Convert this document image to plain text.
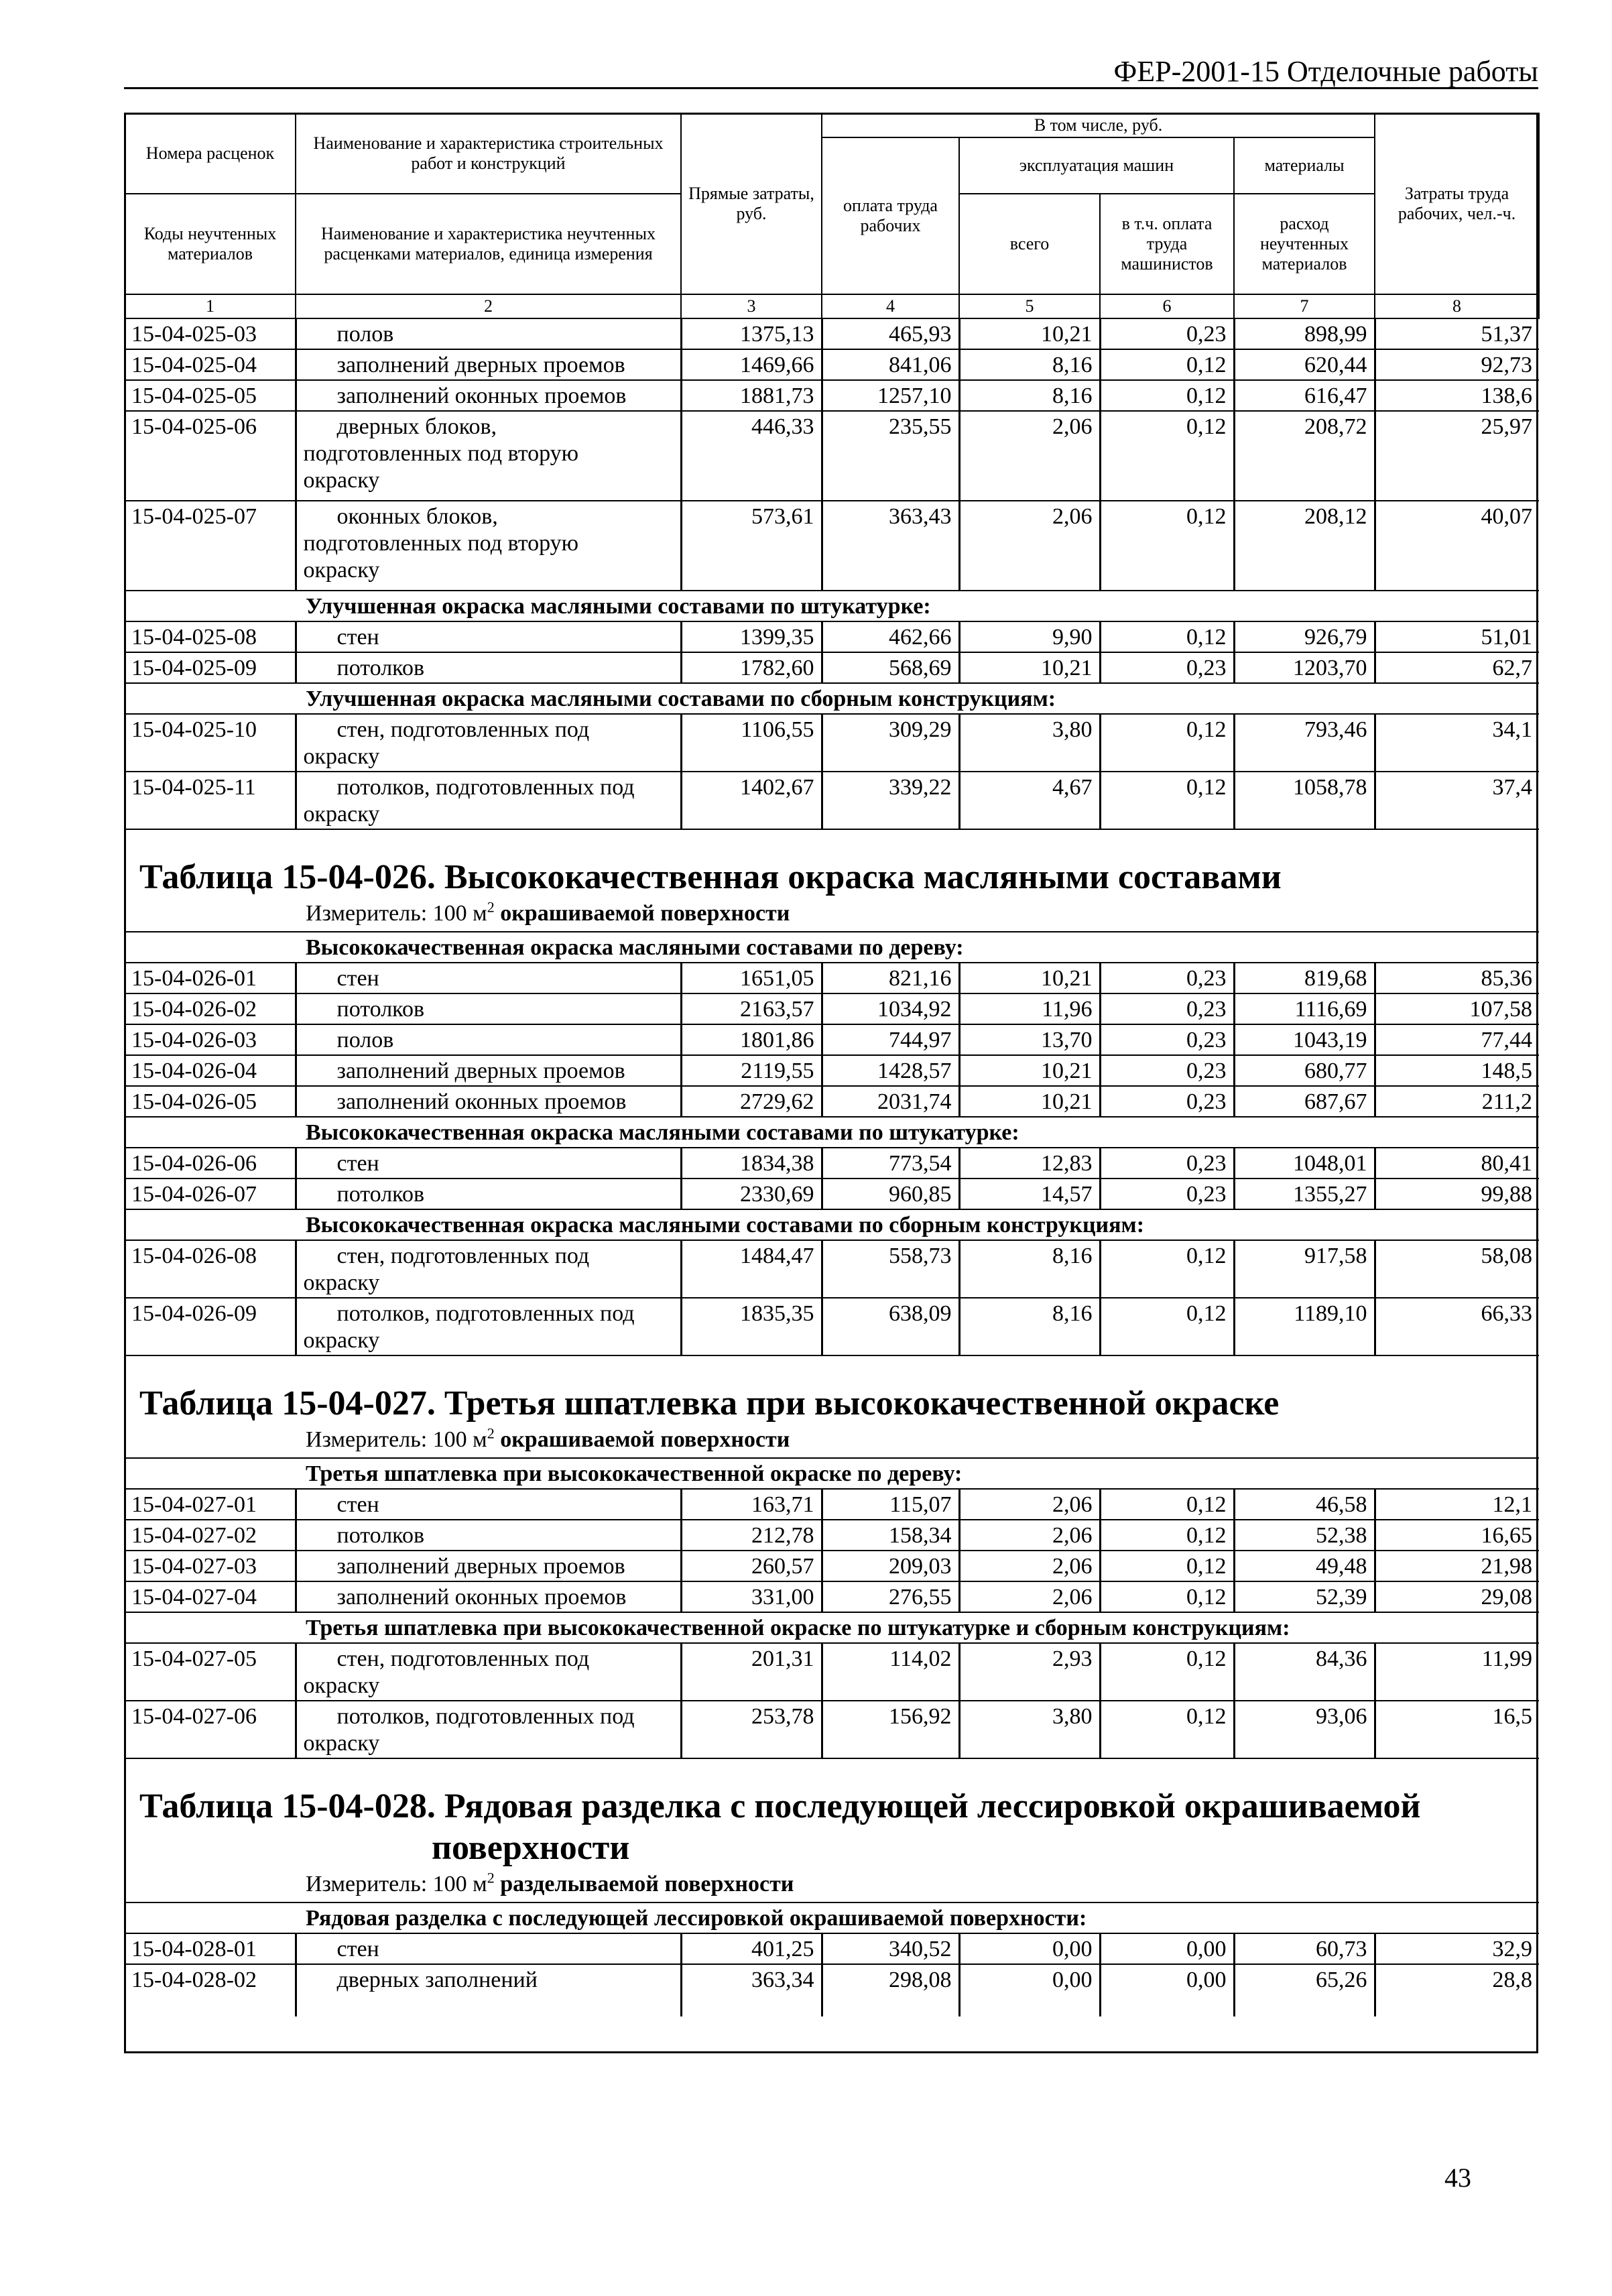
ФЕР-2001-15 Отделочные работы
Номера расценок	Наименование и характеристика строительных работ и конструкций	Прямые затраты, руб.	В том числе, руб.				Затраты труда рабочих, чел.-ч.
			оплата труда рабочих	эксплуатация машин		материалы	
Коды неучтенных материалов	Наименование и характеристика неучтенных расценками материалов, единица измерения			всего	в т.ч. оплата труда машинистов	расход неучтенных материалов	

1	2	3	4	5	6	7	8
15-04-025-03	полов	1375,13	465,93	10,21	0,23	898,99	51,37
15-04-025-04	заполнений дверных проемов	1469,66	841,06	8,16	0,12	620,44	92,73
15-04-025-05	заполнений оконных проемов	1881,73	1257,10	8,16	0,12	616,47	138,6
15-04-025-06	дверных блоков,
подготовленных под вторую
окраску	446,33	235,55	2,06	0,12	208,72	25,97
15-04-025-07	оконных блоков,
подготовленных под вторую
окраску	573,61	363,43	2,06	0,12	208,12	40,07
Улучшенная окраска масляными составами по штукатурке:							
15-04-025-08	стен	1399,35	462,66	9,90	0,12	926,79	51,01
15-04-025-09	потолков	1782,60	568,69	10,21	0,23	1203,70	62,7
Улучшенная окраска масляными составами по сборным конструкциям:							
15-04-025-10	стен, подготовленных под
окраску	1106,55	309,29	3,80	0,12	793,46	34,1
15-04-025-11	потолков, подготовленных под
окраску	1402,67	339,22	4,67	0,12	1058,78	37,4

Таблица 15-04-026. Высококачественная окраска масляными составами							

Измеритель: 100 $м^2$ окрашиваемой поверхности							
Высококачественная окраска масляными составами по дереву:							
15-04-026-01	стен	1651,05	821,16	10,21	0,23	819,68	85,36
15-04-026-02	потолков	2163,57	1034,92	11,96	0,23	1116,69	107,58
15-04-026-03	полов	1801,86	744,97	13,70	0,23	1043,19	77,44
15-04-026-04	заполнений дверных проемов	2119,55	1428,57	10,21	0,23	680,77	148,5
15-04-026-05	заполнений оконных проемов	2729,62	2031,74	10,21	0,23	687,67	211,2
Высококачественная окраска масляными составами по штукатурке:							
15-04-026-06	стен	1834,38	773,54	12,83	0,23	1048,01	80,41
15-04-026-07	потолков	2330,69	960,85	14,57	0,23	1355,27	99,88
Высококачественная окраска масляными составами по сборным конструкциям:							
15-04-026-08	стен, подготовленных под
окраску	1484,47	558,73	8,16	0,12	917,58	58,08
15-04-026-09	потолков, подготовленных под
окраску	1835,35	638,09	8,16	0,12	1189,10	66,33

Таблица 15-04-027. Третья шпатлевка при высококачественной окраске							

Измеритель: 100 $м^2$ окрашиваемой поверхности							
Третья шпатлевка при высококачественной окраске по дереву:							
15-04-027-01	стен	163,71	115,07	2,06	0,12	46,58	12,1
15-04-027-02	потолков	212,78	158,34	2,06	0,12	52,38	16,65
15-04-027-03	заполнений дверных проемов	260,57	209,03	2,06	0,12	49,48	21,98
15-04-027-04	заполнений оконных проемов	331,00	276,55	2,06	0,12	52,39	29,08
Третья шпатлевка при высококачественной окраске по штукатурке и сборным конструкциям:							
15-04-027-05	стен, подготовленных под
окраску	201,31	114,02	2,93	0,12	84,36	11,99
15-04-027-06	потолков, подготовленных под
окраску	253,78	156,92	3,80	0,12	93,06	16,5

Таблица 15-04-028. Рядовая разделка с последующей лессировкой окрашиваемой
поверхности							

Измеритель: 100 $м^2$ разделываемой поверхности							
Рядовая разделка с последующей лессировкой окрашиваемой поверхности:							
15-04-028-01	стен	401,25	340,52	0,00	0,00	60,73	32,9
15-04-028-02	дверных заполнений	363,34	298,08	0,00	0,00	65,26	28,8
43
